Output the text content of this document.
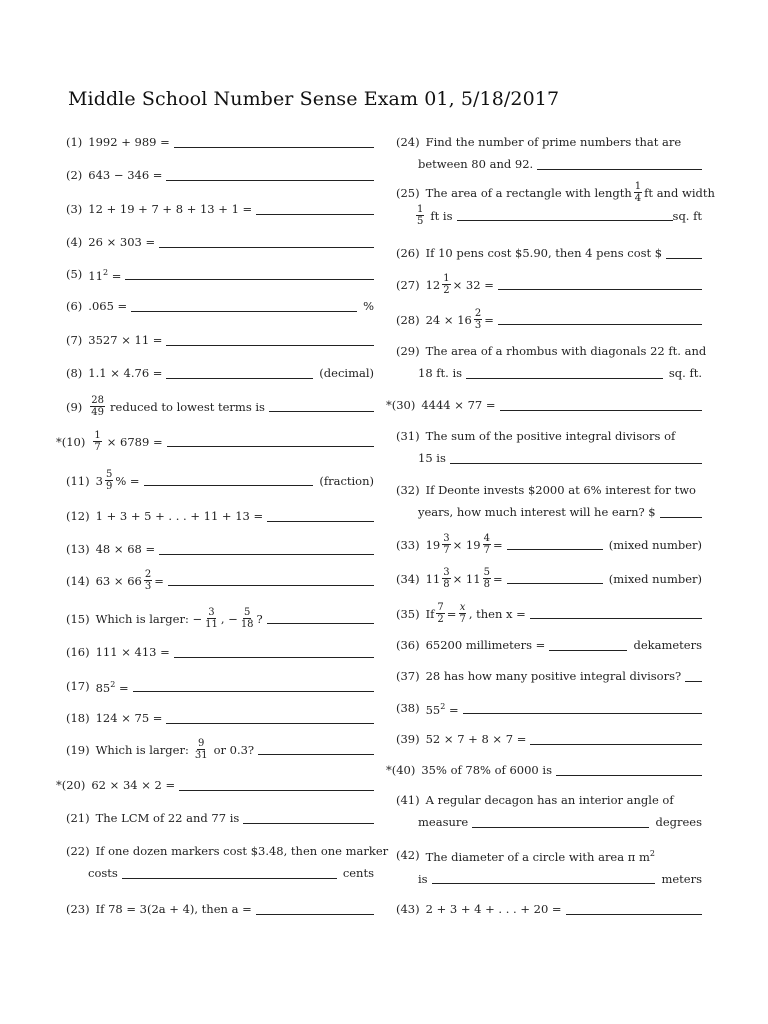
Middle School Number Sense Exam 01, 5/18/2017
(1) 1992 + 989 =
(2) 643 − 346 =
(3) 12 + 19 + 7 + 8 + 13 + 1 =
(4) 26 × 303 =
(5) $11^2$ =
(6) .065 =	%
(7) 3527 × 11 =
(8) 1.1 × 4.76 =	(decimal)
$(9) \frac{28}{49}$ reduced to lowest terms is
$*(10) \frac{1}{7} \times 6789$ =
(11) $3 \frac{5}{9}$ % =	(fraction)
(12) 1 + 3 + 5 + . . . + 11 + 13 =
(13) 48 × 68 =
(14) $63 \times 66 \frac{2}{3}$ =
(15) Which is larger: − $\frac{3}{11}$ , − $\frac{5}{18}$ ?
(16) 111 × 413 =
(17) $85^2$ =
(18) 124 × 75 =
(19) Which is larger: $\frac{9}{31}$ or 0.3?
*(20) 62 × 34 × 2 =
(21) The LCM of 22 and 77 is
(22) If one dozen markers cost $3.48, then one marker
costs	cents
(23) If 78 = 3(2a + 4), then a =
(24) Find the number of prime numbers that are
between 80 and 92.
(25) The area of a rectangle with length $\frac{1}{4}$ ft and width
$\frac{1}{5}$ ft is	sq. ft
(26) If 10 pens cost $5.90, then 4 pens cost $
(27) $12 \frac{1}{2} \times 32$ =
(28) $24 \times 16 \frac{2}{3}$ =
(29) The area of a rhombus with diagonals 22 ft. and
18 ft. is	sq. ft.
*(30) 4444 × 77 =
(31) The sum of the positive integral divisors of
15 is
(32) If Deonte invests $2000 at 6% interest for two
years, how much interest will he earn? $
(33) $19 \frac{3}{7} \times 19 \frac{4}{7}$ =	(mixed number)
(34) $11 \frac{3}{8} \times 11 \frac{5}{8}$ =	(mixed number)
(35) If $\frac{7}{2} = \frac{x}{7}$ , then x =
(36) 65200 millimeters =	dekameters
(37) 28 has how many positive integral divisors?
(38) $55^2$ =
(39) 52 × 7 + 8 × 7 =
*(40) 35% of 78% of 6000 is
(41) A regular decagon has an interior angle of
measure	degrees
(42) The diameter of a circle with area π $m^2$
is	meters
(43) 2 + 3 + 4 + . . . + 20 =
